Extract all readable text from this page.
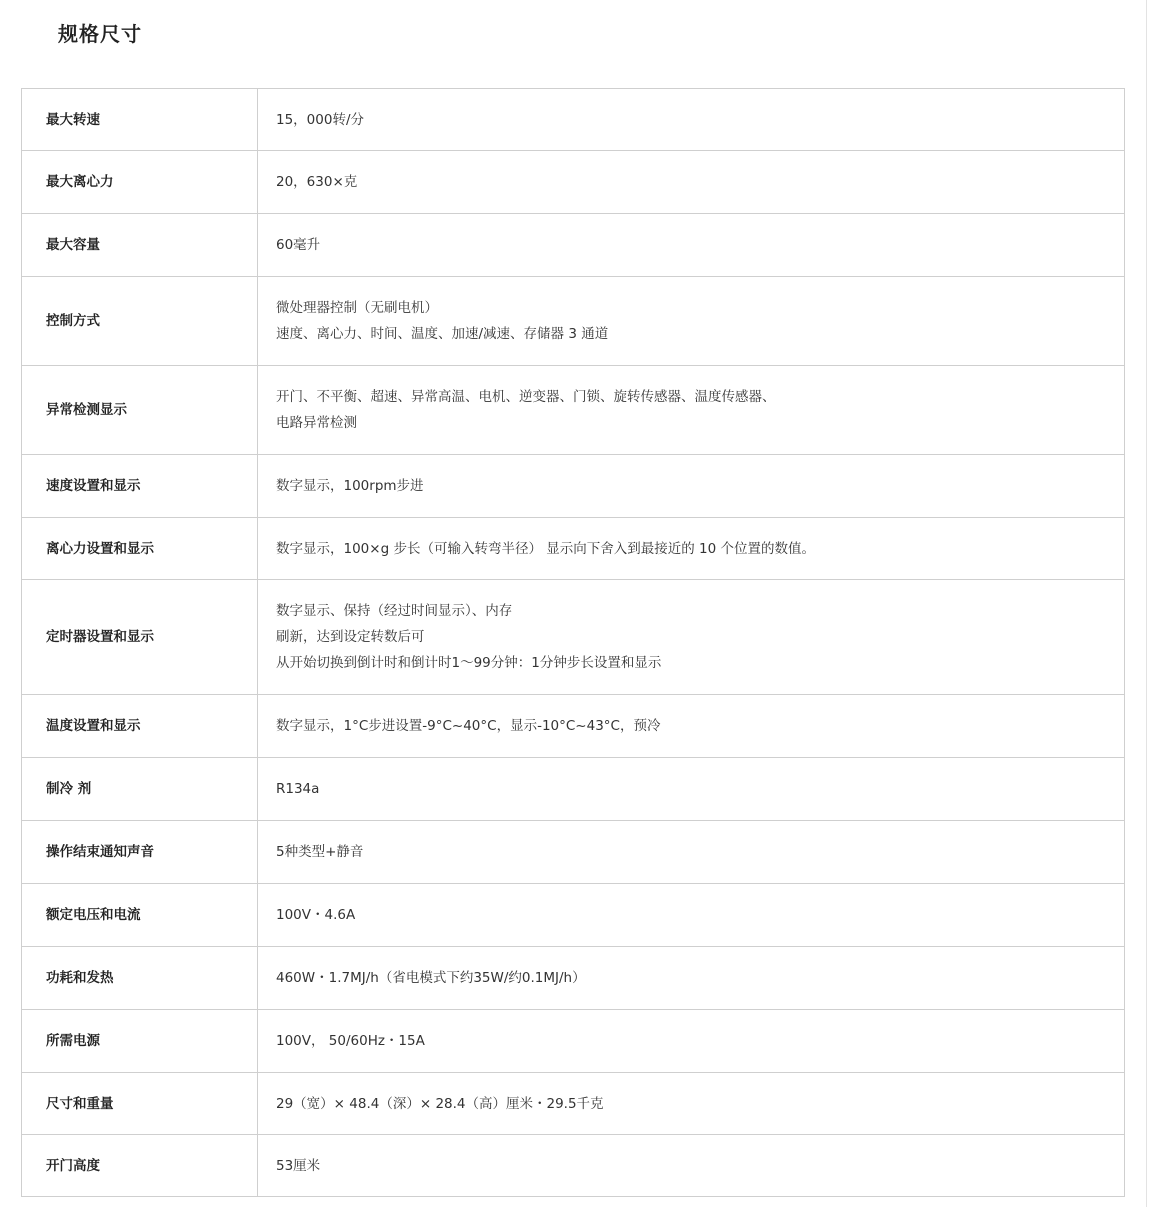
规格尺寸
最大转速	15，000转/分

最大离心力	20，630×克

最大容量	60毫升

控制方式	微处理器控制（无刷电机）
速度、离心力、时间、温度、加速/减速、存储器 3 通道

异常检测显示	开门、不平衡、超速、异常高温、电机、逆变器、门锁、旋转传感器、温度传感器、
电路异常检测

速度设置和显示	数字显示，100rpm步进

离心力设置和显示	数字显示，100×g 步长（可输入转弯半径） 显示向下舍入到最接近的 10 个位置的数值。

定时器设置和显示	数字显示、保持（经过时间显示）、内存
刷新，达到设定转数后可
从开始切换到倒计时和倒计时1～99分钟：1分钟步长设置和显示

温度设置和显示	数字显示，1°C步进设置-9°C~40°C，显示-10°C~43°C，预冷

制冷 剂	R134a

操作结束通知声音	5种类型+静音

额定电压和电流	100V・4.6A

功耗和发热	460W・1.7MJ/h（省电模式下约35W/约0.1MJ/h）

所需电源	100V， 50/60Hz・15A

尺寸和重量	29（宽）× 48.4（深）× 28.4（高）厘米・29.5千克

开门高度	53厘米
